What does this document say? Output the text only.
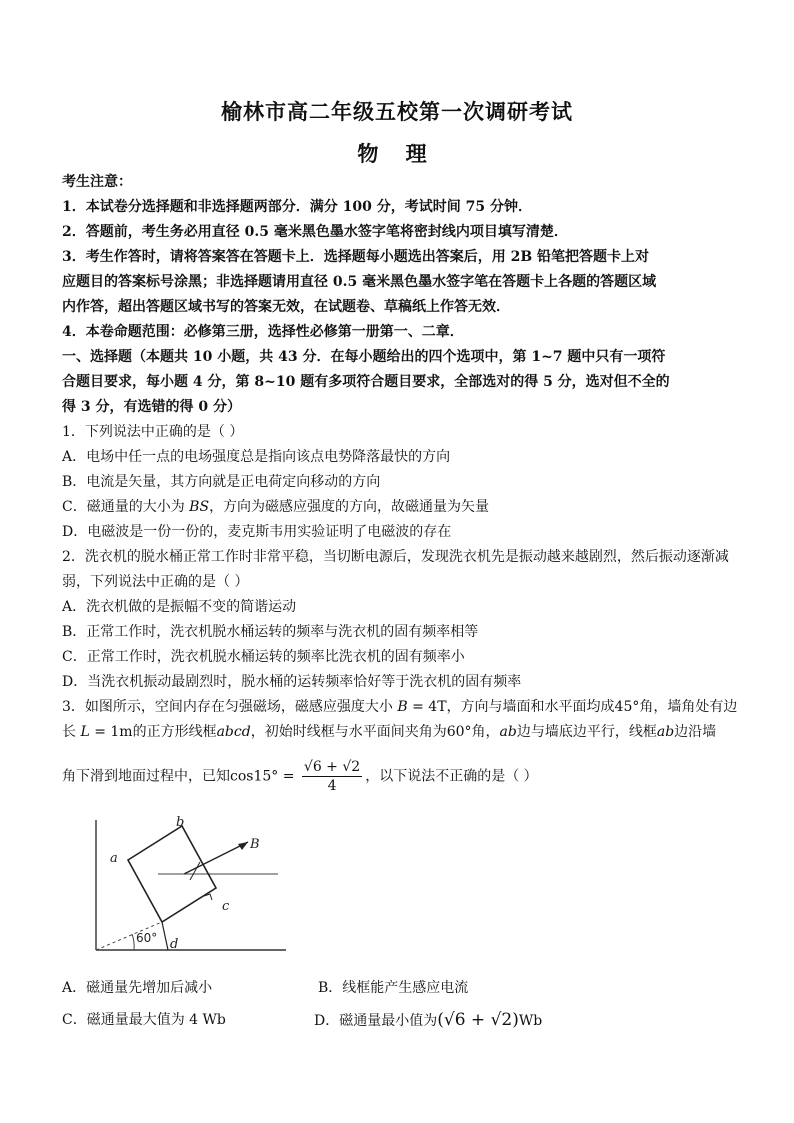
榆林市高二年级五校第一次调研考试
物 理
考生注意：
1．本试卷分选择题和非选择题两部分．满分 100 分，考试时间 75 分钟．
2．答题前，考生务必用直径 0.5 毫米黑色墨水签字笔将密封线内项目填写清楚．
3．考生作答时，请将答案答在答题卡上．选择题每小题选出答案后，用 2B 铅笔把答题卡上对
应题目的答案标号涂黑；非选择题请用直径 0.5 毫米黑色墨水签字笔在答题卡上各题的答题区域
内作答，超出答题区域书写的答案无效，在试题卷、草稿纸上作答无效．
4．本卷命题范围：必修第三册，选择性必修第一册第一、二章．
一、选择题（本题共 10 小题，共 43 分．在每小题给出的四个选项中，第 1~7 题中只有一项符
合题目要求，每小题 4 分，第 8~10 题有多项符合题目要求，全部选对的得 5 分，选对但不全的
得 3 分，有选错的得 0 分）
1．下列说法中正确的是（ ）
A．电场中任一点的电场强度总是指向该点电势降落最快的方向
B．电流是矢量，其方向就是正电荷定向移动的方向
C．磁通量的大小为 BS，方向为磁感应强度的方向，故磁通量为矢量
D．电磁波是一份一份的，麦克斯韦用实验证明了电磁波的存在
2．洗衣机的脱水桶正常工作时非常平稳，当切断电源后，发现洗衣机先是振动越来越剧烈，然后振动逐渐减
弱，下列说法中正确的是（ ）
A．洗衣机做的是振幅不变的简谐运动
B．正常工作时，洗衣机脱水桶运转的频率与洗衣机的固有频率相等
C．正常工作时，洗衣机脱水桶运转的频率比洗衣机的固有频率小
D．当洗衣机振动最剧烈时，脱水桶的运转频率恰好等于洗衣机的固有频率
3．如图所示，空间内存在匀强磁场，磁感应强度大小 B = 4T，方向与墙面和水平面均成45°角，墙角处有边
长 L = 1m的正方形线框abcd，初始时线框与水平面间夹角为60°角，ab边与墙底边平行，线框ab边沿墙
角下滑到地面过程中，已知$\cos 15^\circ = \frac{√6 + √2}{4}$ ，以下说法不正确的是（ ）
a
b
c
d
B
60°
A．磁通量先增加后减小	B．线框能产生感应电流
C．磁通量最大值为 4 Wb	D．磁通量最小值为(√6 + √2)Wb
